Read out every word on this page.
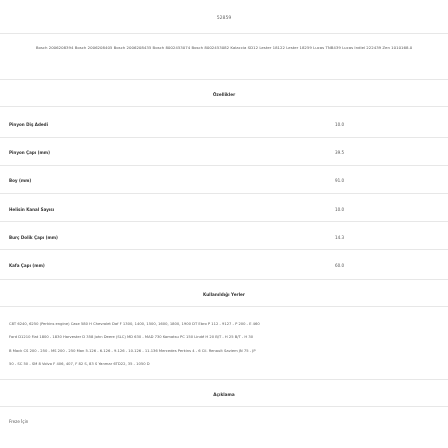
52859
Bosch 2006208394 Bosch 2006208405 Bosch 2006208435 Bosch 8002453074 Bosch 8002453082 Kalaccia SD12 Lester 18122 Lester 18259 Lucas TNB439 Lucas Indiel 222439 Zen 1010168.0
Özellikler
Pinyon Diş Adedi	10.0
Pinyon Çapı (mm)	39.5
Boy (mm)	91.0
Helisin Kanal Sayısı	10.0
Burç Dolik Çapı (mm)	14.3
Kafa Çapı (mm)	60.0
Kullanıldığı Yerler
C8T 6240, 6250 (Perkins engine) Case 580 H Chevrolet Daf F 1300, 1400, 1500, 1600, 1800, 1900 DT Ebro P 112 - 9127 - P 200 - E 460
Ford D1210 Fiat 1800 - 1830 Harvester D 358 John Deere (SLC) MD 630 - MAD 730 Komatsu PC 150 Lindé H 20 B/T - H 25 B/T - H 30
B Mack CS 200 - 250 - MS 200 - 250 Man 5.126 - 6.126 - 9.126 - 10.126 - 11.136 Mercedes Perkins 4 - 6 Cil. Renault Saviem JN 75 - JP
50 - SC 50 - SM 8 Volvo F 406, 407, F 82 S, 83 S Yanmar 6TD22, 35 - 1050 D
Açıklama
Freze İçin
